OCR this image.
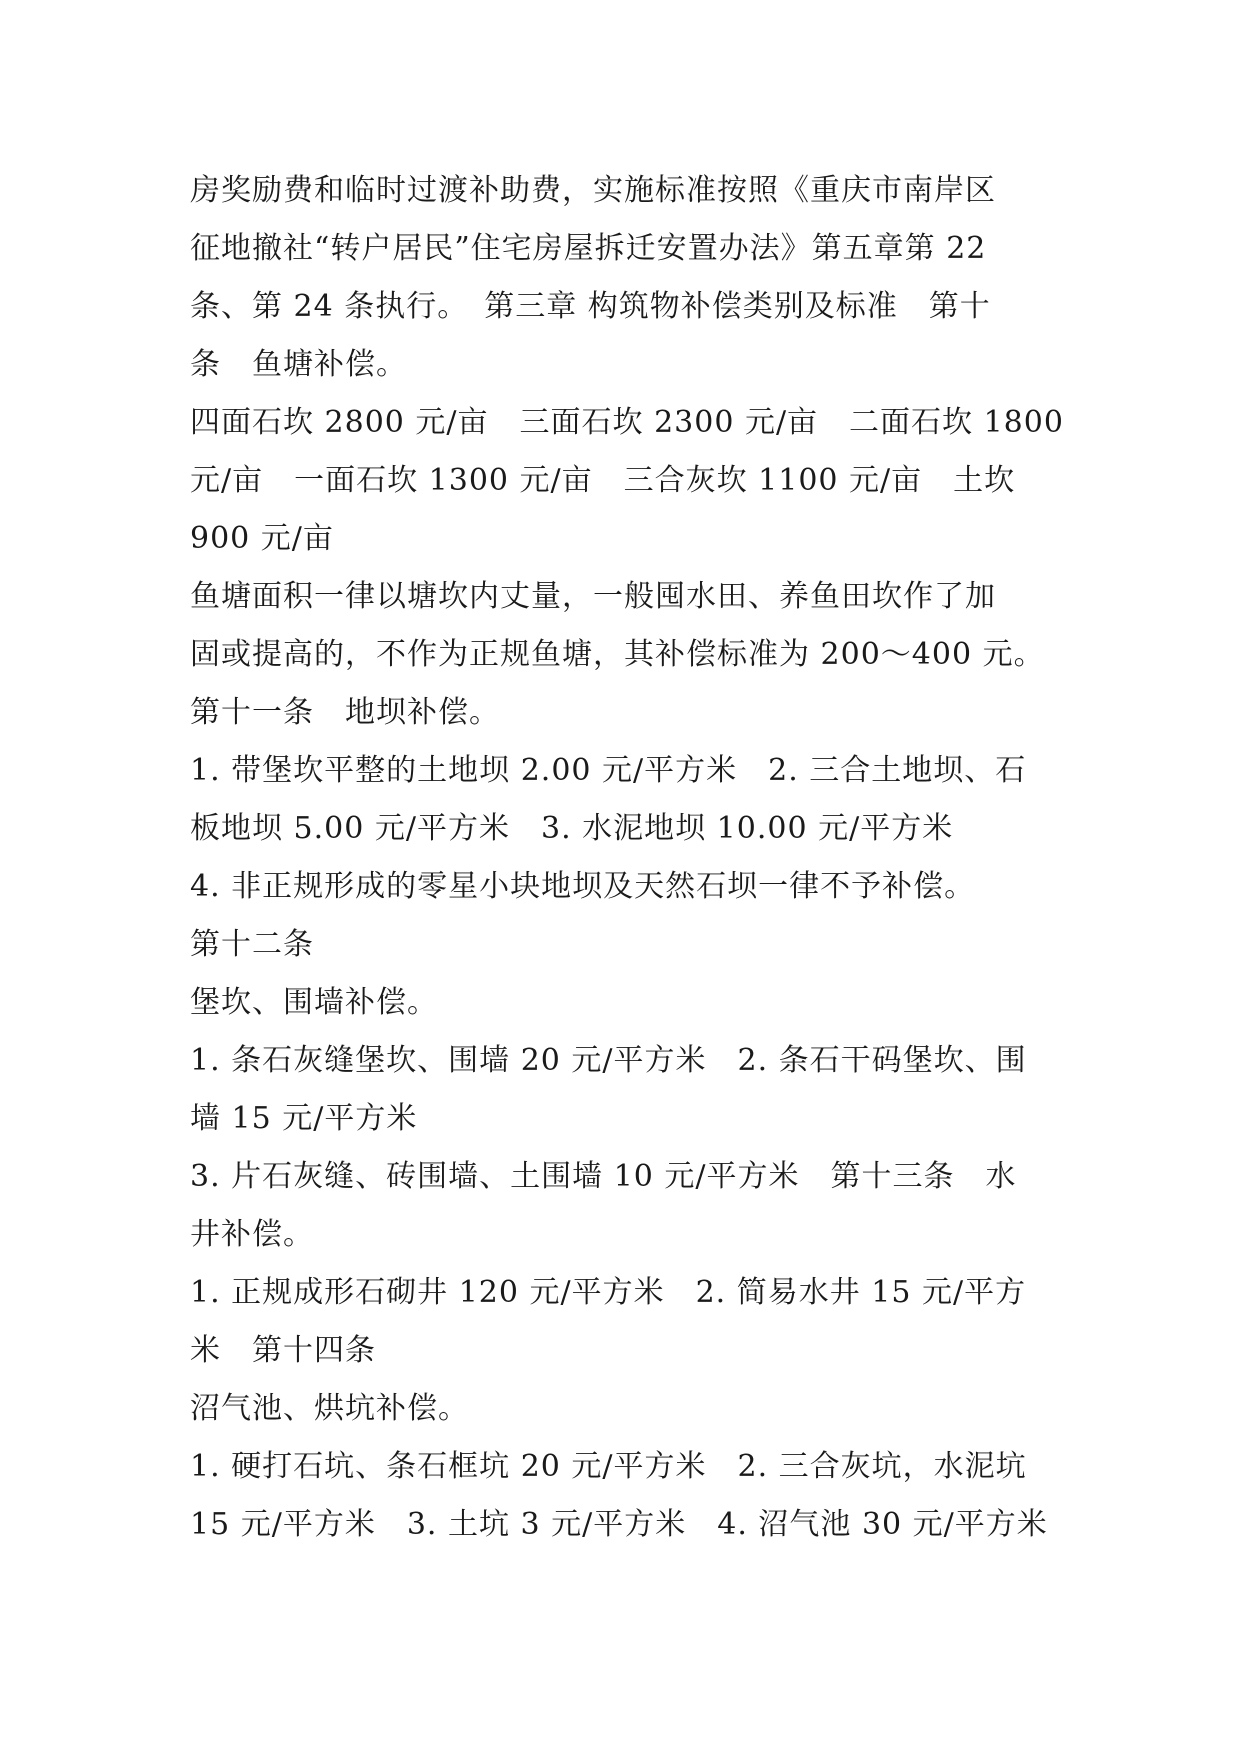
房奖励费和临时过渡补助费，实施标准按照《重庆市南岸区
征地撤社“转户居民”住宅房屋拆迁安置办法》第五章第 22
条、第 24 条执行。　第三章 构筑物补偿类别及标准　第十
条　鱼塘补偿。
四面石坎 2800 元/亩　三面石坎 2300 元/亩　二面石坎 1800
元/亩　一面石坎 1300 元/亩　三合灰坎 1100 元/亩　土坎
900 元/亩
鱼塘面积一律以塘坎内丈量，一般囤水田、养鱼田坎作了加
固或提高的，不作为正规鱼塘，其补偿标准为 200～400 元。
第十一条　地坝补偿。
1. 带堡坎平整的土地坝 2.00 元/平方米　2. 三合土地坝、石
板地坝 5.00 元/平方米　3. 水泥地坝 10.00 元/平方米
4. 非正规形成的零星小块地坝及天然石坝一律不予补偿。
第十二条
堡坎、围墙补偿。
1. 条石灰缝堡坎、围墙 20 元/平方米　2. 条石干码堡坎、围
墙 15 元/平方米
3. 片石灰缝、砖围墙、土围墙 10 元/平方米　第十三条　水
井补偿。
1. 正规成形石砌井 120 元/平方米　2. 简易水井 15 元/平方
米　第十四条
沼气池、烘坑补偿。
1. 硬打石坑、条石框坑 20 元/平方米　2. 三合灰坑，水泥坑
15 元/平方米　3. 土坑 3 元/平方米　4. 沼气池 30 元/平方米
